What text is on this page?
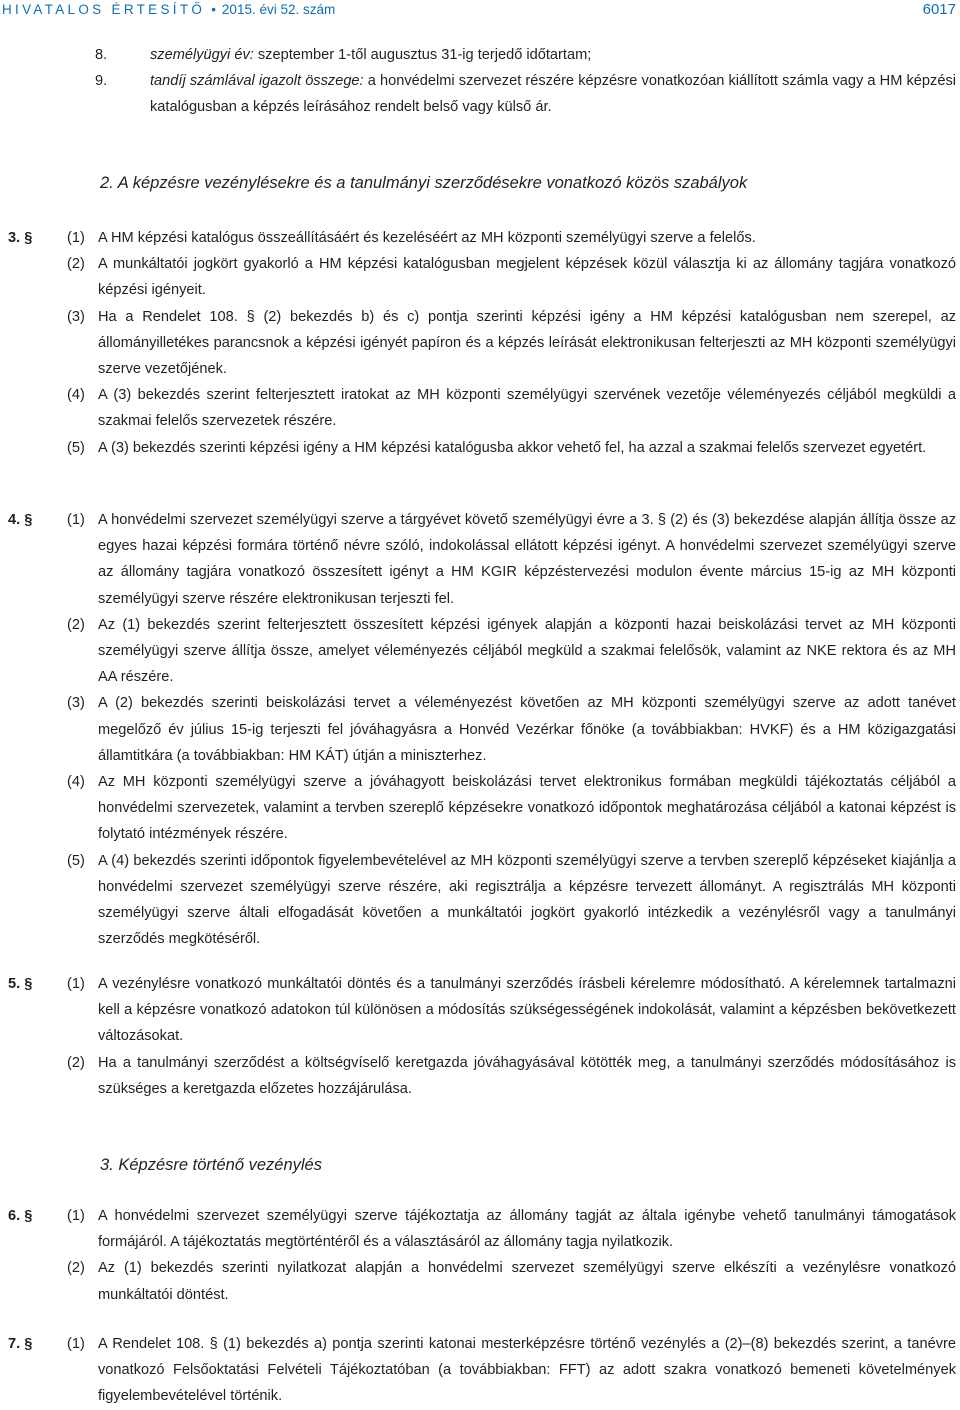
HIVATALOS ÉRTESÍTŐ • 2015. évi 52. szám	6017
8.	személyügyi év: szeptember 1-től augusztus 31-ig terjedő időtartam;
9.	tandíj számlával igazolt összege: a honvédelmi szervezet részére képzésre vonatkozóan kiállított számla vagy a HM képzési katalógusban a képzés leírásához rendelt belső vagy külső ár.
2. A képzésre vezénylésekre és a tanulmányi szerződésekre vonatkozó közös szabályok
3. § (1) A HM képzési katalógus összeállításáért és kezeléséért az MH központi személyügyi szerve a felelős.
(2) A munkáltatói jogkört gyakorló a HM képzési katalógusban megjelent képzések közül választja ki az állomány tagjára vonatkozó képzési igényeit.
(3) Ha a Rendelet 108. § (2) bekezdés b) és c) pontja szerinti képzési igény a HM képzési katalógusban nem szerepel, az állományilletékes parancsnok a képzési igényét papíron és a képzés leírását elektronikusan felterjeszti az MH központi személyügyi szerve vezetőjének.
(4) A (3) bekezdés szerint felterjesztett iratokat az MH központi személyügyi szervének vezetője véleményezés céljából megküldi a szakmai felelős szervezetek részére.
(5) A (3) bekezdés szerinti képzési igény a HM képzési katalógusba akkor vehető fel, ha azzal a szakmai felelős szervezet egyetért.
4. § (1) A honvédelmi szervezet személyügyi szerve a tárgyévet követő személyügyi évre a 3. § (2) és (3) bekezdése alapján állítja össze az egyes hazai képzési formára történő névre szóló, indokolással ellátott képzési igényt. A honvédelmi szervezet személyügyi szerve az állomány tagjára vonatkozó összesített igényt a HM KGIR képzéstervezési modulon évente március 15-ig az MH központi személyügyi szerve részére elektronikusan terjeszti fel.
(2) Az (1) bekezdés szerint felterjesztett összesített képzési igények alapján a központi hazai beiskolázási tervet az MH központi személyügyi szerve állítja össze, amelyet véleményezés céljából megküld a szakmai felelősök, valamint az NKE rektora és az MH AA részére.
(3) A (2) bekezdés szerinti beiskolázási tervet a véleményezést követően az MH központi személyügyi szerve az adott tanévet megelőző év július 15-ig terjeszti fel jóváhagyásra a Honvéd Vezérkar főnöke (a továbbiakban: HVKF) és a HM közigazgatási államtitkára (a továbbiakban: HM KÁT) útján a miniszterhez.
(4) Az MH központi személyügyi szerve a jóváhagyott beiskolázási tervet elektronikus formában megküldi tájékoztatás céljából a honvédelmi szervezetek, valamint a tervben szereplő képzésekre vonatkozó időpontok meghatározása céljából a katonai képzést is folytató intézmények részére.
(5) A (4) bekezdés szerinti időpontok figyelembevételével az MH központi személyügyi szerve a tervben szereplő képzéseket kiajánlja a honvédelmi szervezet személyügyi szerve részére, aki regisztrálja a képzésre tervezett állományt. A regisztrálás MH központi személyügyi szerve általi elfogadását követően a munkáltatói jogkört gyakorló intézkedik a vezénylésről vagy a tanulmányi szerződés megkötéséről.
5. § (1) A vezénylésre vonatkozó munkáltatói döntés és a tanulmányi szerződés írásbeli kérelemre módosítható. A kérelemnek tartalmazni kell a képzésre vonatkozó adatokon túl különösen a módosítás szükségességének indokolását, valamint a képzésben bekövetkezett változásokat.
(2) Ha a tanulmányi szerződést a költségvíselő keretgazda jóváhagyásával kötötték meg, a tanulmányi szerződés módosításához is szükséges a keretgazda előzetes hozzájárulása.
3. Képzésre történő vezénylés
6. § (1) A honvédelmi szervezet személyügyi szerve tájékoztatja az állomány tagját az általa igénybe vehető tanulmányi támogatások formájáról. A tájékoztatás megtörténtéről és a választásáról az állomány tagja nyilatkozik.
(2) Az (1) bekezdés szerinti nyilatkozat alapján a honvédelmi szervezet személyügyi szerve elkészíti a vezénylésre vonatkozó munkáltatói döntést.
7. § (1) A Rendelet 108. § (1) bekezdés a) pontja szerinti katonai mesterképzésre történő vezénylés a (2)–(8) bekezdés szerint, a tanévre vonatkozó Felsőoktatási Felvételi Tájékoztatóban (a továbbiakban: FFT) az adott szakra vonatkozó bemeneti követelmények figyelembevételével történik.
